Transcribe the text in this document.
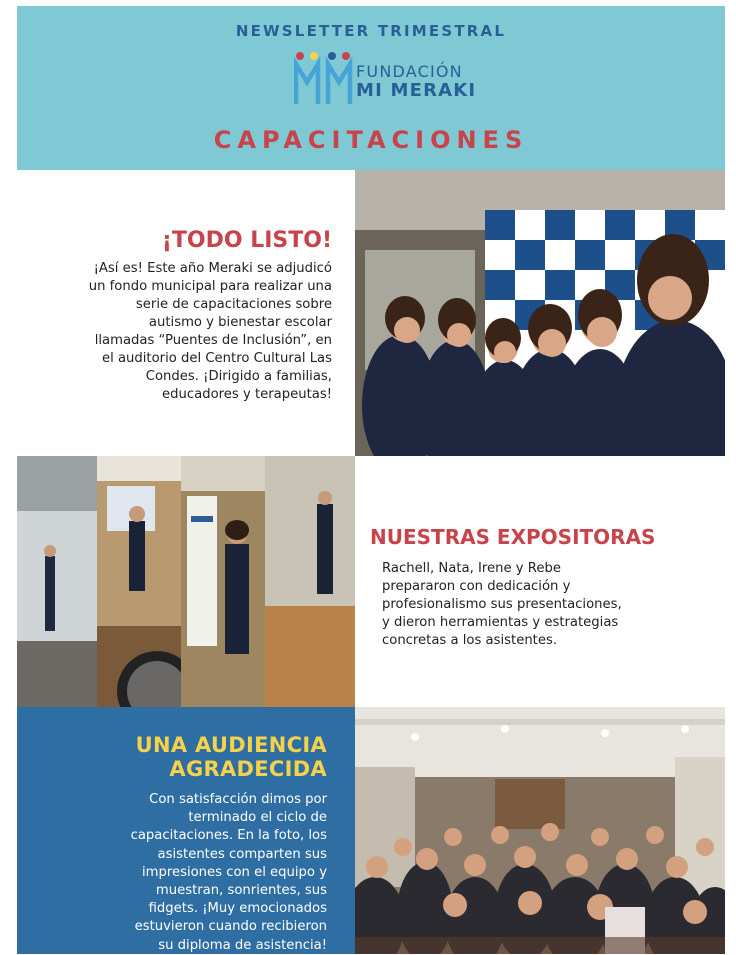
NEWSLETTER TRIMESTRAL
FUNDACIÓN
MI MERAKI
CAPACITACIONES
¡TODO LISTO!
¡Así es! Este año Meraki se adjudicó
un fondo municipal para realizar una
serie de capacitaciones sobre
autismo y bienestar escolar
llamadas “Puentes de Inclusión”, en
el auditorio del Centro Cultural Las
Condes. ¡Dirigido a familias,
educadores y terapeutas!
NUESTRAS EXPOSITORAS
Rachell, Nata, Irene y Rebe
prepararon con dedicación y
profesionalismo sus presentaciones,
y dieron herramientas y estrategias
concretas a los asistentes.
UNA AUDIENCIA
AGRADECIDA
Con satisfacción dimos por
terminado el ciclo de
capacitaciones. En la foto, los
asistentes comparten sus
impresiones con el equipo y
muestran, sonrientes, sus
fidgets. ¡Muy emocionados
estuvieron cuando recibieron
su diploma de asistencia!
